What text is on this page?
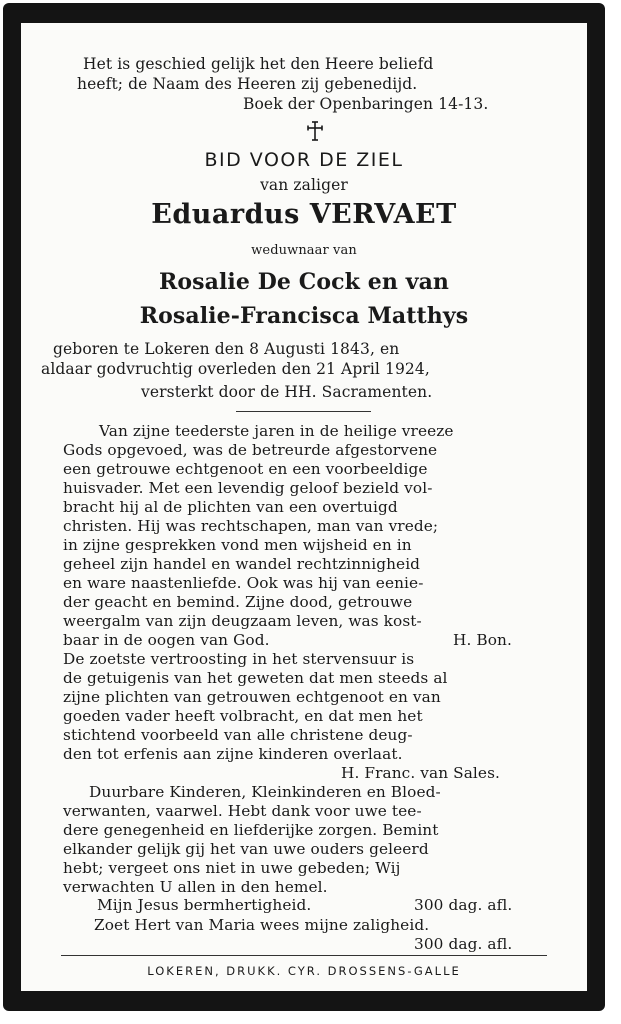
Het is geschied gelijk het den Heere beliefd
heeft; de Naam des Heeren zij gebenedijd.
Boek der Openbaringen 14-13.
BID VOOR DE ZIEL
van zaliger
Eduardus VERVAET
weduwnaar van
Rosalie De Cock en van
Rosalie-Francisca Matthys
geboren te Lokeren den 8 Augusti 1843, en
aldaar godvruchtig overleden den 21 April 1924,
versterkt door de HH. Sacramenten.
Van zijne teederste jaren in de heilige vreeze
Gods opgevoed, was de betreurde afgestorvene
een getrouwe echtgenoot en een voorbeeldige
huisvader. Met een levendig geloof bezield vol-
bracht hij al de plichten van een overtuigd
christen. Hij was rechtschapen, man van vrede;
in zijne gesprekken vond men wijsheid en in
geheel zijn handel en wandel rechtzinnigheid
en ware naastenliefde. Ook was hij van eenie-
der geacht en bemind. Zijne dood, getrouwe
weergalm van zijn deugzaam leven, was kost-
baar in de oogen van God.	H. Bon.
De zoetste vertroosting in het stervensuur is
de getuigenis van het geweten dat men steeds al
zijne plichten van getrouwen echtgenoot en van
goeden vader heeft volbracht, en dat men het
stichtend voorbeeld van alle christene deug-
den tot erfenis aan zijne kinderen overlaat.
H. Franc. van Sales.
Duurbare Kinderen, Kleinkinderen en Bloed-
verwanten, vaarwel. Hebt dank voor uwe tee-
dere genegenheid en liefderijke zorgen. Bemint
elkander gelijk gij het van uwe ouders geleerd
hebt; vergeet ons niet in uwe gebeden; Wij
verwachten U allen in den hemel.
Mijn Jesus bermhertigheid.	300 dag. afl.
Zoet Hert van Maria wees mijne zaligheid.
300 dag. afl.
LOKEREN, DRUKK. CYR. DROSSENS-GALLE
